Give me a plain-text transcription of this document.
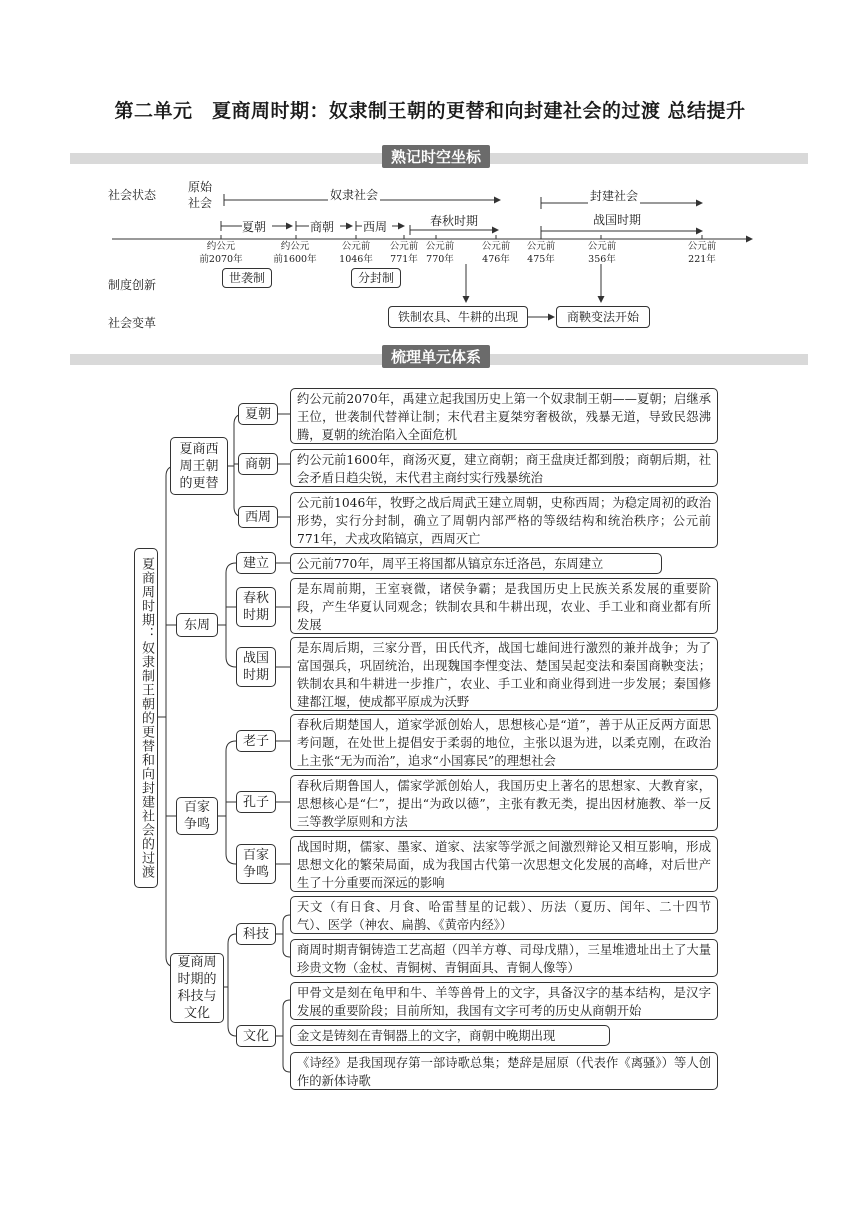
第二单元　夏商周时期：奴隶制王朝的更替和向封建社会的过渡 总结提升
熟记时空坐标
社会状态
制度创新
社会变革
原始
社会
奴隶社会	封建社会
夏朝	商朝 西周	春秋时期	战国时期
约公元
前2070年
约公元
前1600年
公元前
1046年
公元前
771年
公元前
770年
公元前
476年
公元前
475年
公元前
356年
公元前
221年
世袭制	分封制
铁制农具、牛耕的出现	商鞅变法开始
梳理单元体系
夏商周时期：奴隶制王朝的更替和向封建社会的过渡
夏商西
周王朝
的更替
夏朝
商朝
西周
约公元前2070年，禹建立起我国历史上第一个奴隶制王朝——夏朝；启继承王位，世袭制代替禅让制；末代君主夏桀穷奢极欲，残暴无道，导致民怨沸腾，夏朝的统治陷入全面危机
约公元前1600年，商汤灭夏，建立商朝；商王盘庚迁都到殷；商朝后期，社会矛盾日趋尖锐，末代君主商纣实行残暴统治
公元前1046年，牧野之战后周武王建立周朝，史称西周；为稳定周初的政治形势，实行分封制，确立了周朝内部严格的等级结构和统治秩序；公元前771年，犬戎攻陷镐京，西周灭亡
东周
建立
春秋
时期
战国
时期
公元前770年，周平王将国都从镐京东迁洛邑，东周建立
是东周前期，王室衰微，诸侯争霸；是我国历史上民族关系发展的重要阶段，产生华夏认同观念；铁制农具和牛耕出现，农业、手工业和商业都有所发展
是东周后期，三家分晋，田氏代齐，战国七雄间进行激烈的兼并战争；为了富国强兵，巩固统治，出现魏国李悝变法、楚国吴起变法和秦国商鞅变法；铁制农具和牛耕进一步推广，农业、手工业和商业得到进一步发展；秦国修建都江堰，使成都平原成为沃野
百家
争鸣
老子
孔子
百家
争鸣
春秋后期楚国人，道家学派创始人，思想核心是“道”，善于从正反两方面思考问题，在处世上提倡安于柔弱的地位，主张以退为进，以柔克刚，在政治上主张“无为而治”，追求“小国寡民”的理想社会
春秋后期鲁国人，儒家学派创始人，我国历史上著名的思想家、大教育家，思想核心是“仁”，提出“为政以德”，主张有教无类，提出因材施教、举一反三等教学原则和方法
战国时期，儒家、墨家、道家、法家等学派之间激烈辩论又相互影响，形成思想文化的繁荣局面，成为我国古代第一次思想文化发展的高峰，对后世产生了十分重要而深远的影响
夏商周
时期的
科技与
文化
科技
文化
天文（有日食、月食、哈雷彗星的记载）、历法（夏历、闰年、二十四节气）、医学（神农、扁鹊、《黄帝内经》）
商周时期青铜铸造工艺高超（四羊方尊、司母戊鼎），三星堆遗址出土了大量珍贵文物（金杖、青铜树、青铜面具、青铜人像等）
甲骨文是刻在龟甲和牛、羊等兽骨上的文字，具备汉字的基本结构，是汉字发展的重要阶段；目前所知，我国有文字可考的历史从商朝开始
金文是铸刻在青铜器上的文字，商朝中晚期出现
《诗经》是我国现存第一部诗歌总集；楚辞是屈原（代表作《离骚》）等人创作的新体诗歌
